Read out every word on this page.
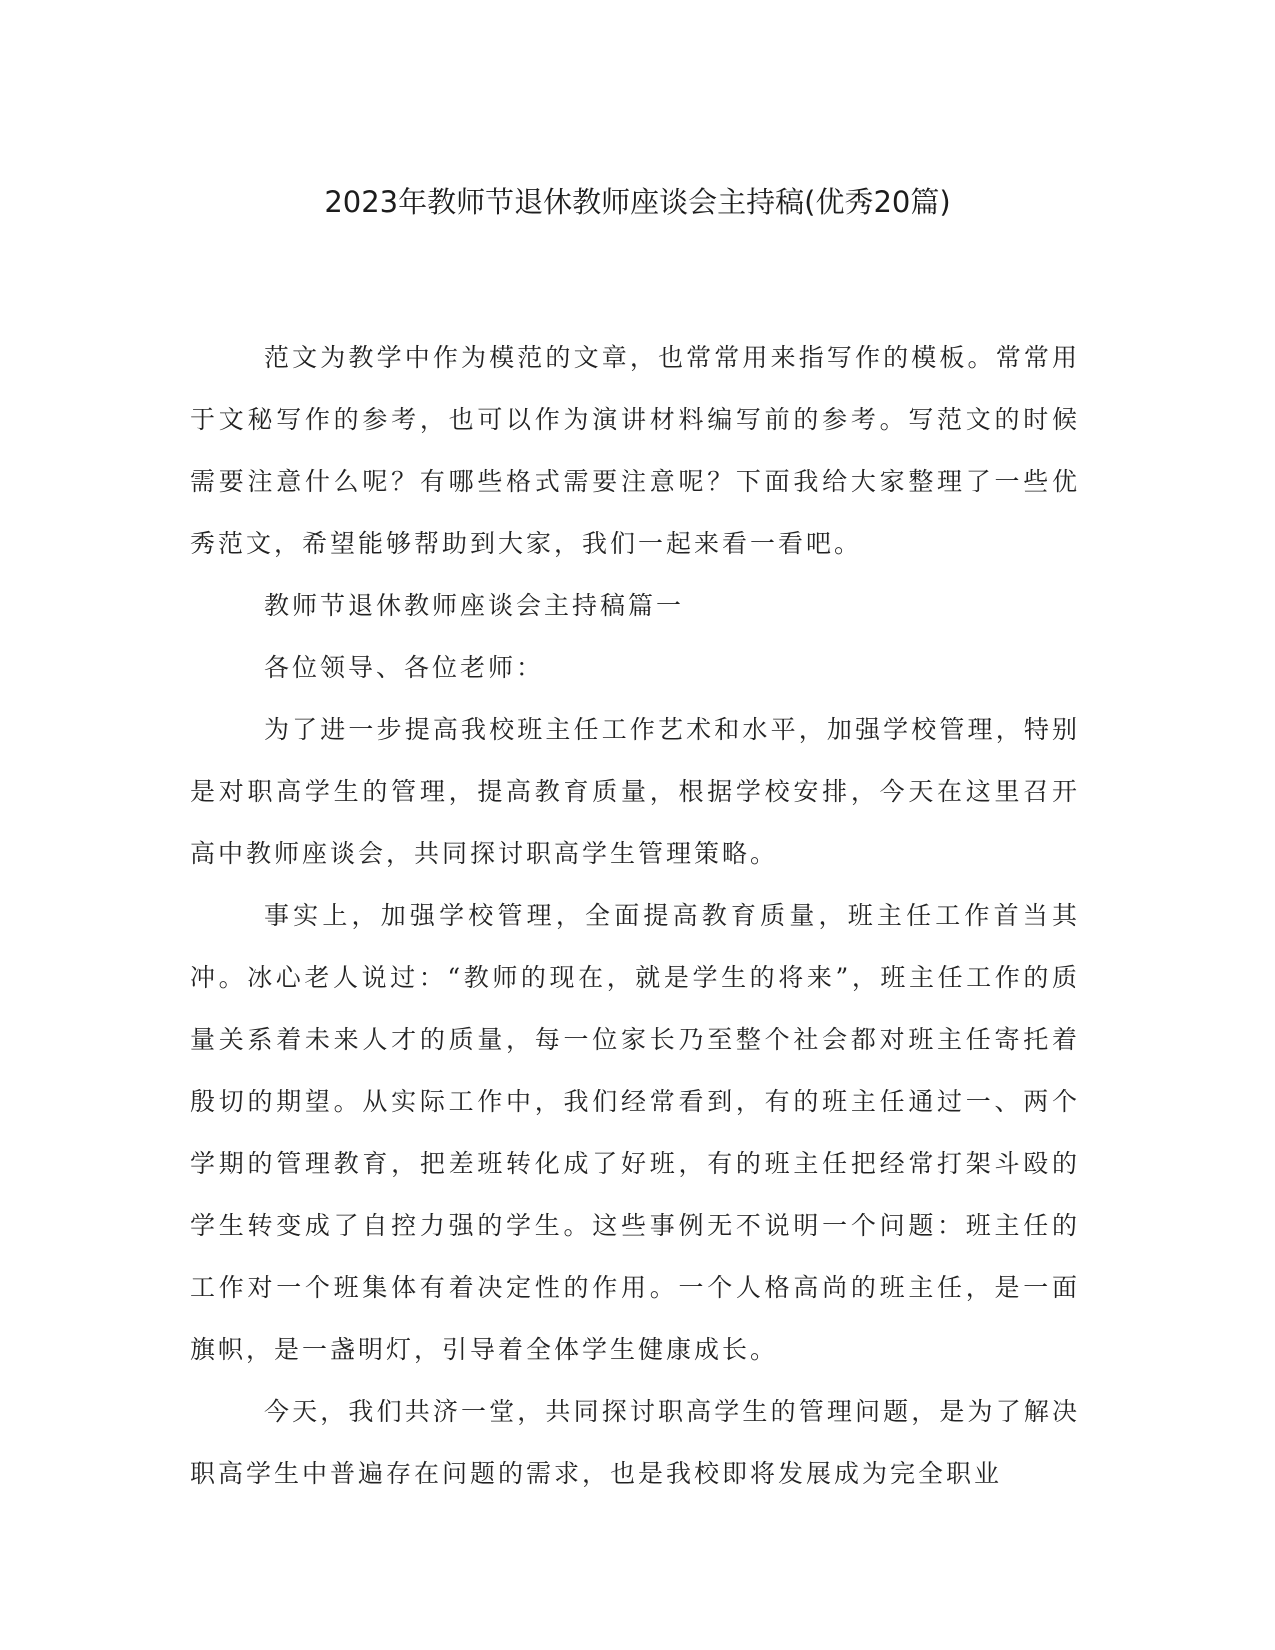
2023年教师节退休教师座谈会主持稿(优秀20篇)

范文为教学中作为模范的文章，也常常用来指写作的模板。常常用于文秘写作的参考，也可以作为演讲材料编写前的参考。写范文的时候需要注意什么呢？有哪些格式需要注意呢？下面我给大家整理了一些优秀范文，希望能够帮助到大家，我们一起来看一看吧。

教师节退休教师座谈会主持稿篇一

各位领导、各位老师：

为了进一步提高我校班主任工作艺术和水平，加强学校管理，特别是对职高学生的管理，提高教育质量，根据学校安排，今天在这里召开高中教师座谈会，共同探讨职高学生管理策略。

事实上，加强学校管理，全面提高教育质量，班主任工作首当其冲。冰心老人说过：“教师的现在，就是学生的将来”，班主任工作的质量关系着未来人才的质量，每一位家长乃至整个社会都对班主任寄托着殷切的期望。从实际工作中，我们经常看到，有的班主任通过一、两个学期的管理教育，把差班转化成了好班，有的班主任把经常打架斗殴的学生转变成了自控力强的学生。这些事例无不说明一个问题：班主任的工作对一个班集体有着决定性的作用。一个人格高尚的班主任，是一面旗帜，是一盏明灯，引导着全体学生健康成长。

今天，我们共济一堂，共同探讨职高学生的管理问题，是为了解决职高学生中普遍存在问题的需求，也是我校即将发展成为完全职业
